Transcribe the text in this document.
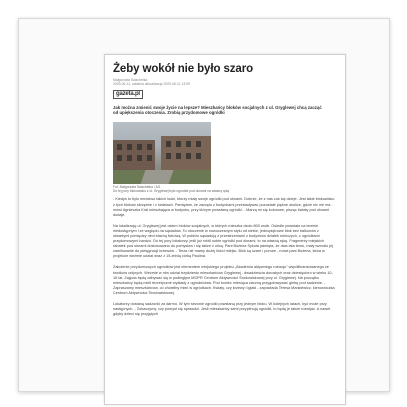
Żeby wokół nie było szaro
Małgorzata Szlachetka
2009-06-11, ostatnia aktualizacja 2009-06-11 13:59
gazeta.pl
Jak można zmienić swoje życie na lepsze? Mieszkańcy bloków socjalnych z ul. Gryglewej chcą zacząć od upiększenia otoczenia. Zrobią przydomowe ogródki
Fot. Małgorzata Szlachetka / AG
Do tej pory blokowisko z ul. Gryglewej było ogródek pod oknami na własną rękę
- Kiedyś tu było mnóstwo takich ludzi, którzy miały swoje ogródki pod oknami. Dobrze, że z nas coś się dzieje. Jest takie blokowisko z tych bloków skrzętnie i z kwiatach. Pamiętam, że zaczęło z budynkami przesiadywać pozostałe piękne okolice, gdzie nic nie ma - mówi Agnieszka Kral mieszkająca w budynku, przy którym powstaną ogródki. - Marzą mi się kolorowe, pisząc kwiaty pod oknami dodaje.
Na lokalizację ul. Gryglewej jest osiem bloków socjalnych, w których mieszka około 800 osób. Osiedle powstało na terenie niedostępnym i ze względu na sąsiadów. To otoczenie w nowoczesnym stylu od siebie, jednopiętrowe blok bez balkonów z otwartymi pomiędzy nimi blachą futrową. W pobliżu sąsiadują z przestrzeniami z budynków działek rolniczych, z ogródkami przydomowymi bardzo. Do tej pory lokatorzy, jeśli już robili sobie ogródki pod oknami, to na własną rękę. Fragmenty miejskich rabatek pod oknami dostosowano do pomysłów i się także z ulicą. Pani Bożena Sykuła pamięta, że dwa lata temu, mały wzrosło jej zamiłowanie do pielęgnacji krzewów. - Teraz nie mamy dużej ilości miejsc. Blok są szare i ponure - mówi pani Bożena, która w projekcie weźmie udział wraz z 15-letnią córką Paulina.
Założenie przydomowych ogródków jest elementem miejskiego projektu „Akademia aktywnego rozwoju” współfinansowanego ze środków unijnych. Weźmie w nim udział trzydziestu mieszkańców Gryglewej - dwadzieścia dorosłych oraz dziesięcioro w wieku 10-16 lat. Zajęcia będą odbywać się w podległym MOPR Centrum Aktywności Środowiskowej przy ul. Gryglewej. Na początku mieszkańcy będą mieli teoretyczne wykłady z ogrodnictwa. Pod koniec miesiąca zaczną przygotowywać glebę pod sadzenie. - Zapraszamy mieszkańców, co chcieliby mieć w ogródkach. Kwiaty, czy krzewy i iglaki - zapowiada Teresa Mankiewicz, kierowniczka Centrum Aktywności Środowiskowej.
Lokatorzy dostaną sadzonki za darmo. W tym sezonie ogródki powstaną przy jednym bloku. W kolejnych latach, być może przy następnych. - Zobaczymy, czy pomysł się sprawdzi. Jeśli mieszkańcy sami przypilnują ogródki, to będą je także rozwijać. A nawet gdyby dzieci się przyjętych
